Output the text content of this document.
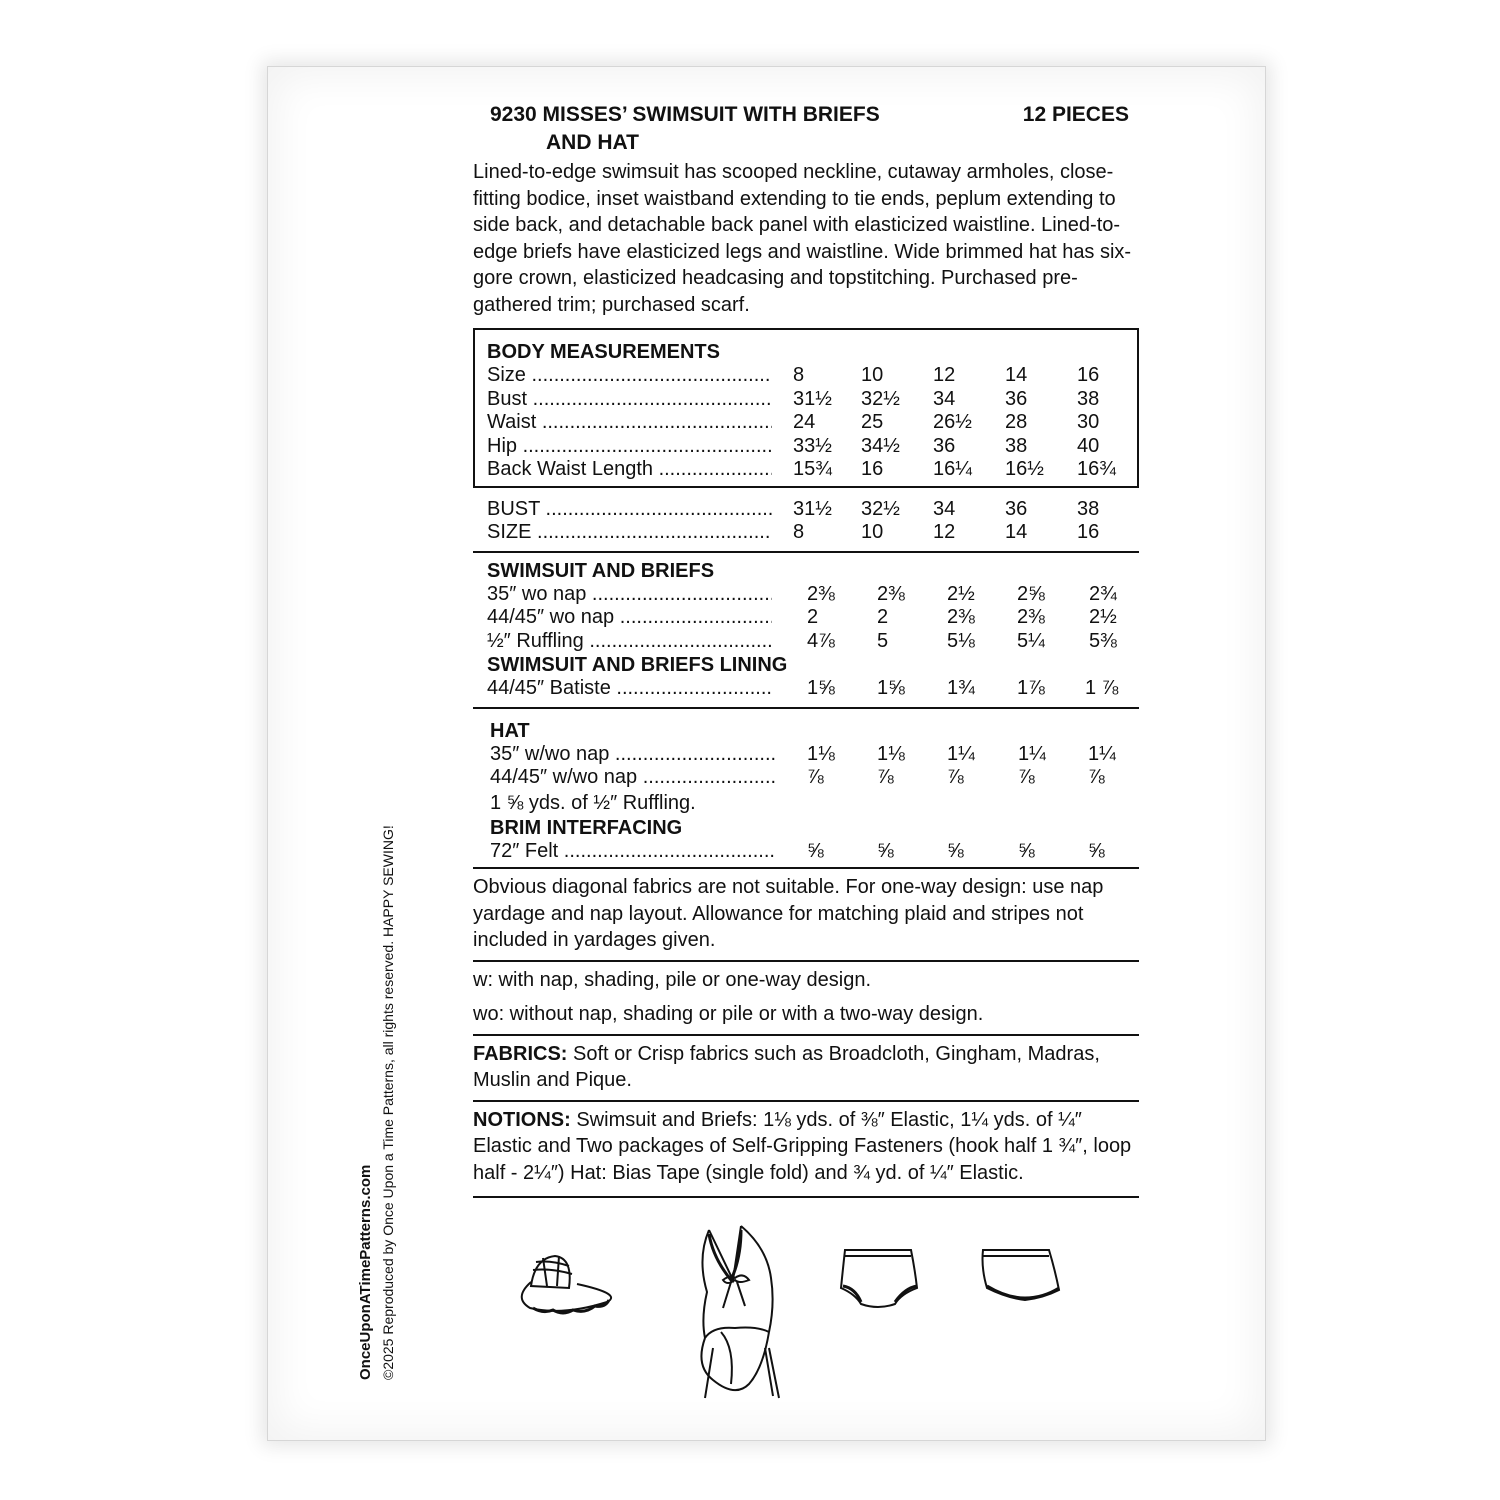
OnceUponATimePatterns.com ©2025 Reproduced by Once Upon a Time Patterns, all rights reserved. HAPPY SEWING!
9230 MISSES’ SWIMSUIT WITH BRIEFS
AND HAT
12 PIECES

Lined-to-edge swimsuit has scooped neckline, cutaway armholes, close-fitting bodice, inset waistband extending to tie ends, peplum extending to side back, and detachable back panel with elasticized waistline. Lined-to-edge briefs have elasticized legs and waistline. Wide brimmed hat has six-gore crown, elasticized headcasing and topstitching. Purchased pre-gathered trim; purchased scarf.

BODY MEASUREMENTS
Size .....	8	10	12	14	16
Bust .....	31½	32½	34	36	38
Waist .....	24	25	26½	28	30
Hip .....	33½	34½	36	38	40
Back Waist Length .....	15¾	16	16¼	16½	16¾
BUST .....	31½	32½	34	36	38
SIZE .....	8	10	12	14	16
SWIMSUIT AND BRIEFS
35″ wo nap .....	2⅜	2⅜	2½	2⅝	2¾
44/45″ wo nap .....	2	2	2⅜	2⅜	2½
½″ Ruffling .....	4⅞	5	5⅛	5¼	5⅜
SWIMSUIT AND BRIEFS LINING
44/45″ Batiste .....	1⅝	1⅝	1¾	1⅞	1 ⅞
HAT
35″ w/wo nap .....	1⅛	1⅛	1¼	1¼	1¼
44/45″ w/wo nap .....	⅞	⅞	⅞	⅞	⅞
1 ⅝ yds. of ½″ Ruffling.
BRIM INTERFACING
72″ Felt .....	⅝	⅝	⅝	⅝	⅝

Obvious diagonal fabrics are not suitable. For one-way design: use nap yardage and nap layout. Allowance for matching plaid and stripes not included in yardages given.

w: with nap, shading, pile or one-way design.

wo: without nap, shading or pile or with a two-way design.

FABRICS: Soft or Crisp fabrics such as Broadcloth, Gingham, Madras, Muslin and Pique.

NOTIONS: Swimsuit and Briefs: 1⅛ yds. of ⅜″ Elastic, 1¼ yds. of ¼″ Elastic and Two packages of Self-Gripping Fasteners (hook half 1 ¾″, loop half - 2¼″) Hat: Bias Tape (single fold) and ¾ yd. of ¼″ Elastic.
